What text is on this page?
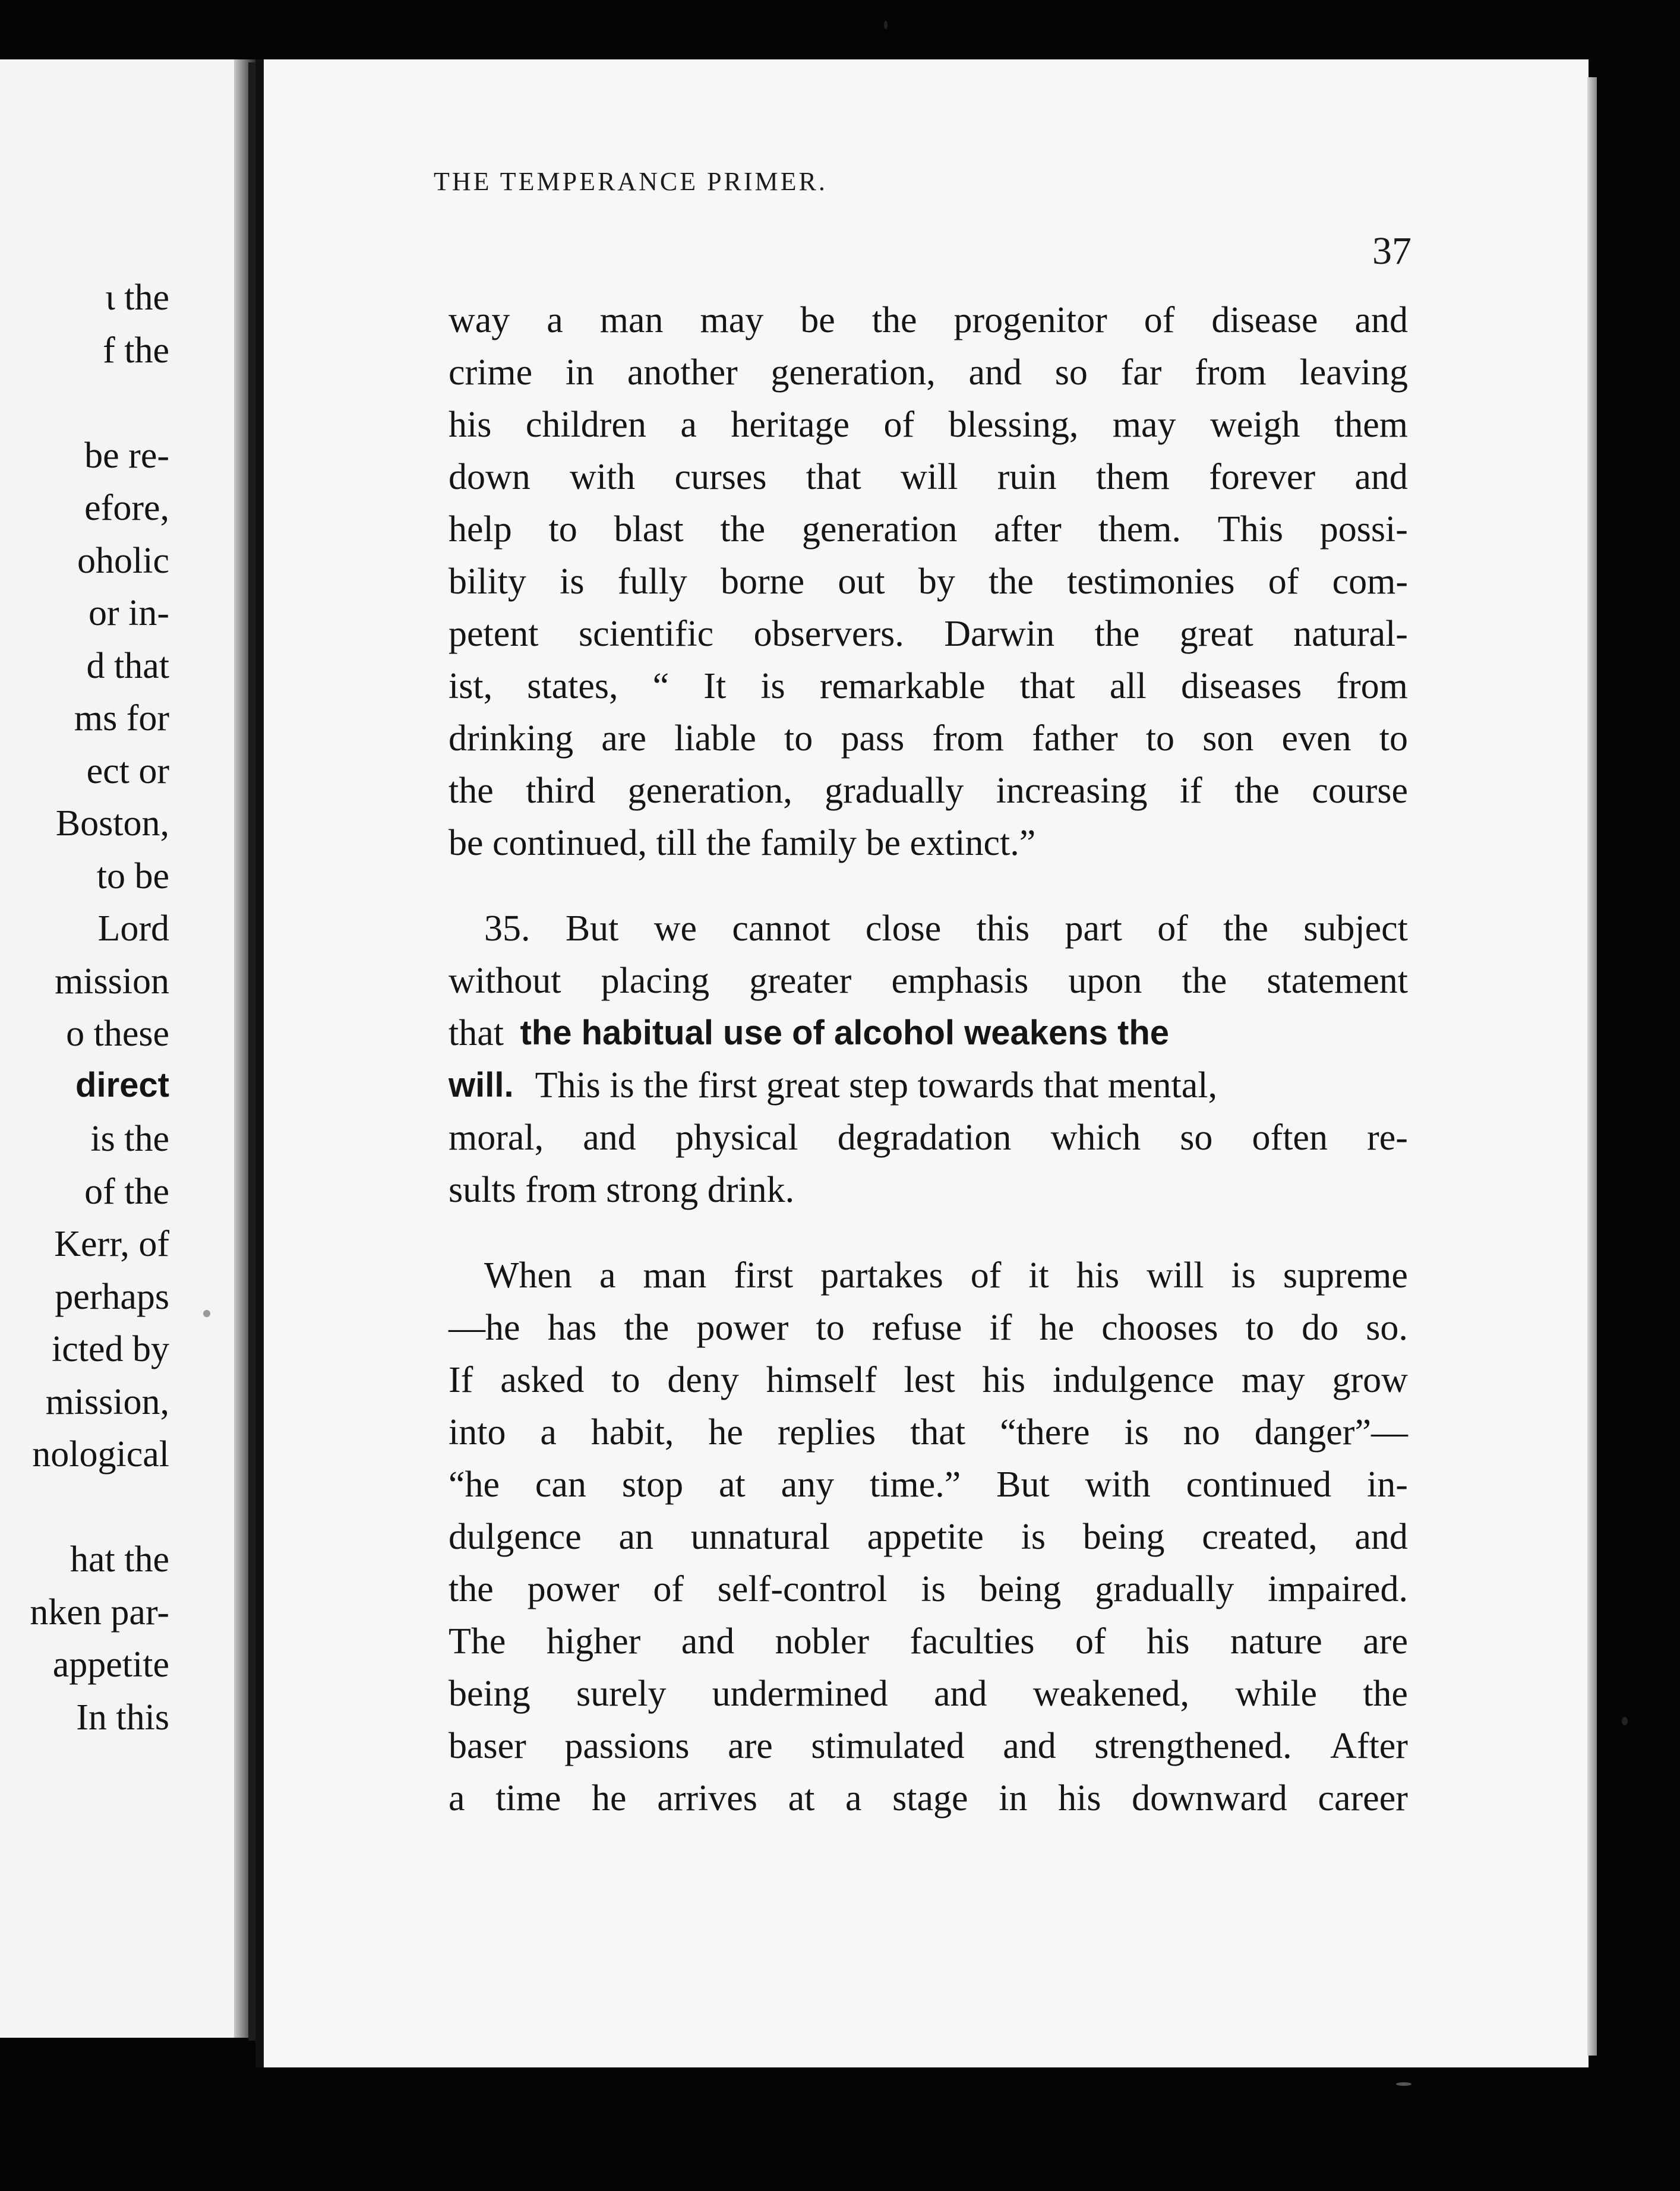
THE TEMPERANCE PRIMER.
37
way a man may be the progenitor of disease and
crime in another generation, and so far from leaving
his children a heritage of blessing, may weigh them
down with curses that will ruin them forever and
help to blast the generation after them. This possi-
bility is fully borne out by the testimonies of com-
petent scientific observers. Darwin the great natural-
ist, states, “ It is remarkable that all diseases from
drinking are liable to pass from father to son even to
the third generation, gradually increasing if the course
be continued, till the family be extinct.”
35. But we cannot close this part of the subject
without placing greater emphasis upon the statement
that the habitual use of alcohol weakens the
will. This is the first great step towards that mental,
moral, and physical degradation which so often re-
sults from strong drink.
When a man first partakes of it his will is supreme
—he has the power to refuse if he chooses to do so.
If asked to deny himself lest his indulgence may grow
into a habit, he replies that “there is no danger”—
“he can stop at any time.” But with continued in-
dulgence an unnatural appetite is being created, and
the power of self-control is being gradually impaired.
The higher and nobler faculties of his nature are
being surely undermined and weakened, while the
baser passions are stimulated and strengthened. After
a time he arrives at a stage in his downward career
ι the
f the
be re-
efore,
oholic
or in-
d that
ms for
ect or
Boston,
to be
Lord
mission
o these
direct
is the
of the
Kerr, of
perhaps
icted by
mission,
nological
hat the
nken par-
appetite
In this
